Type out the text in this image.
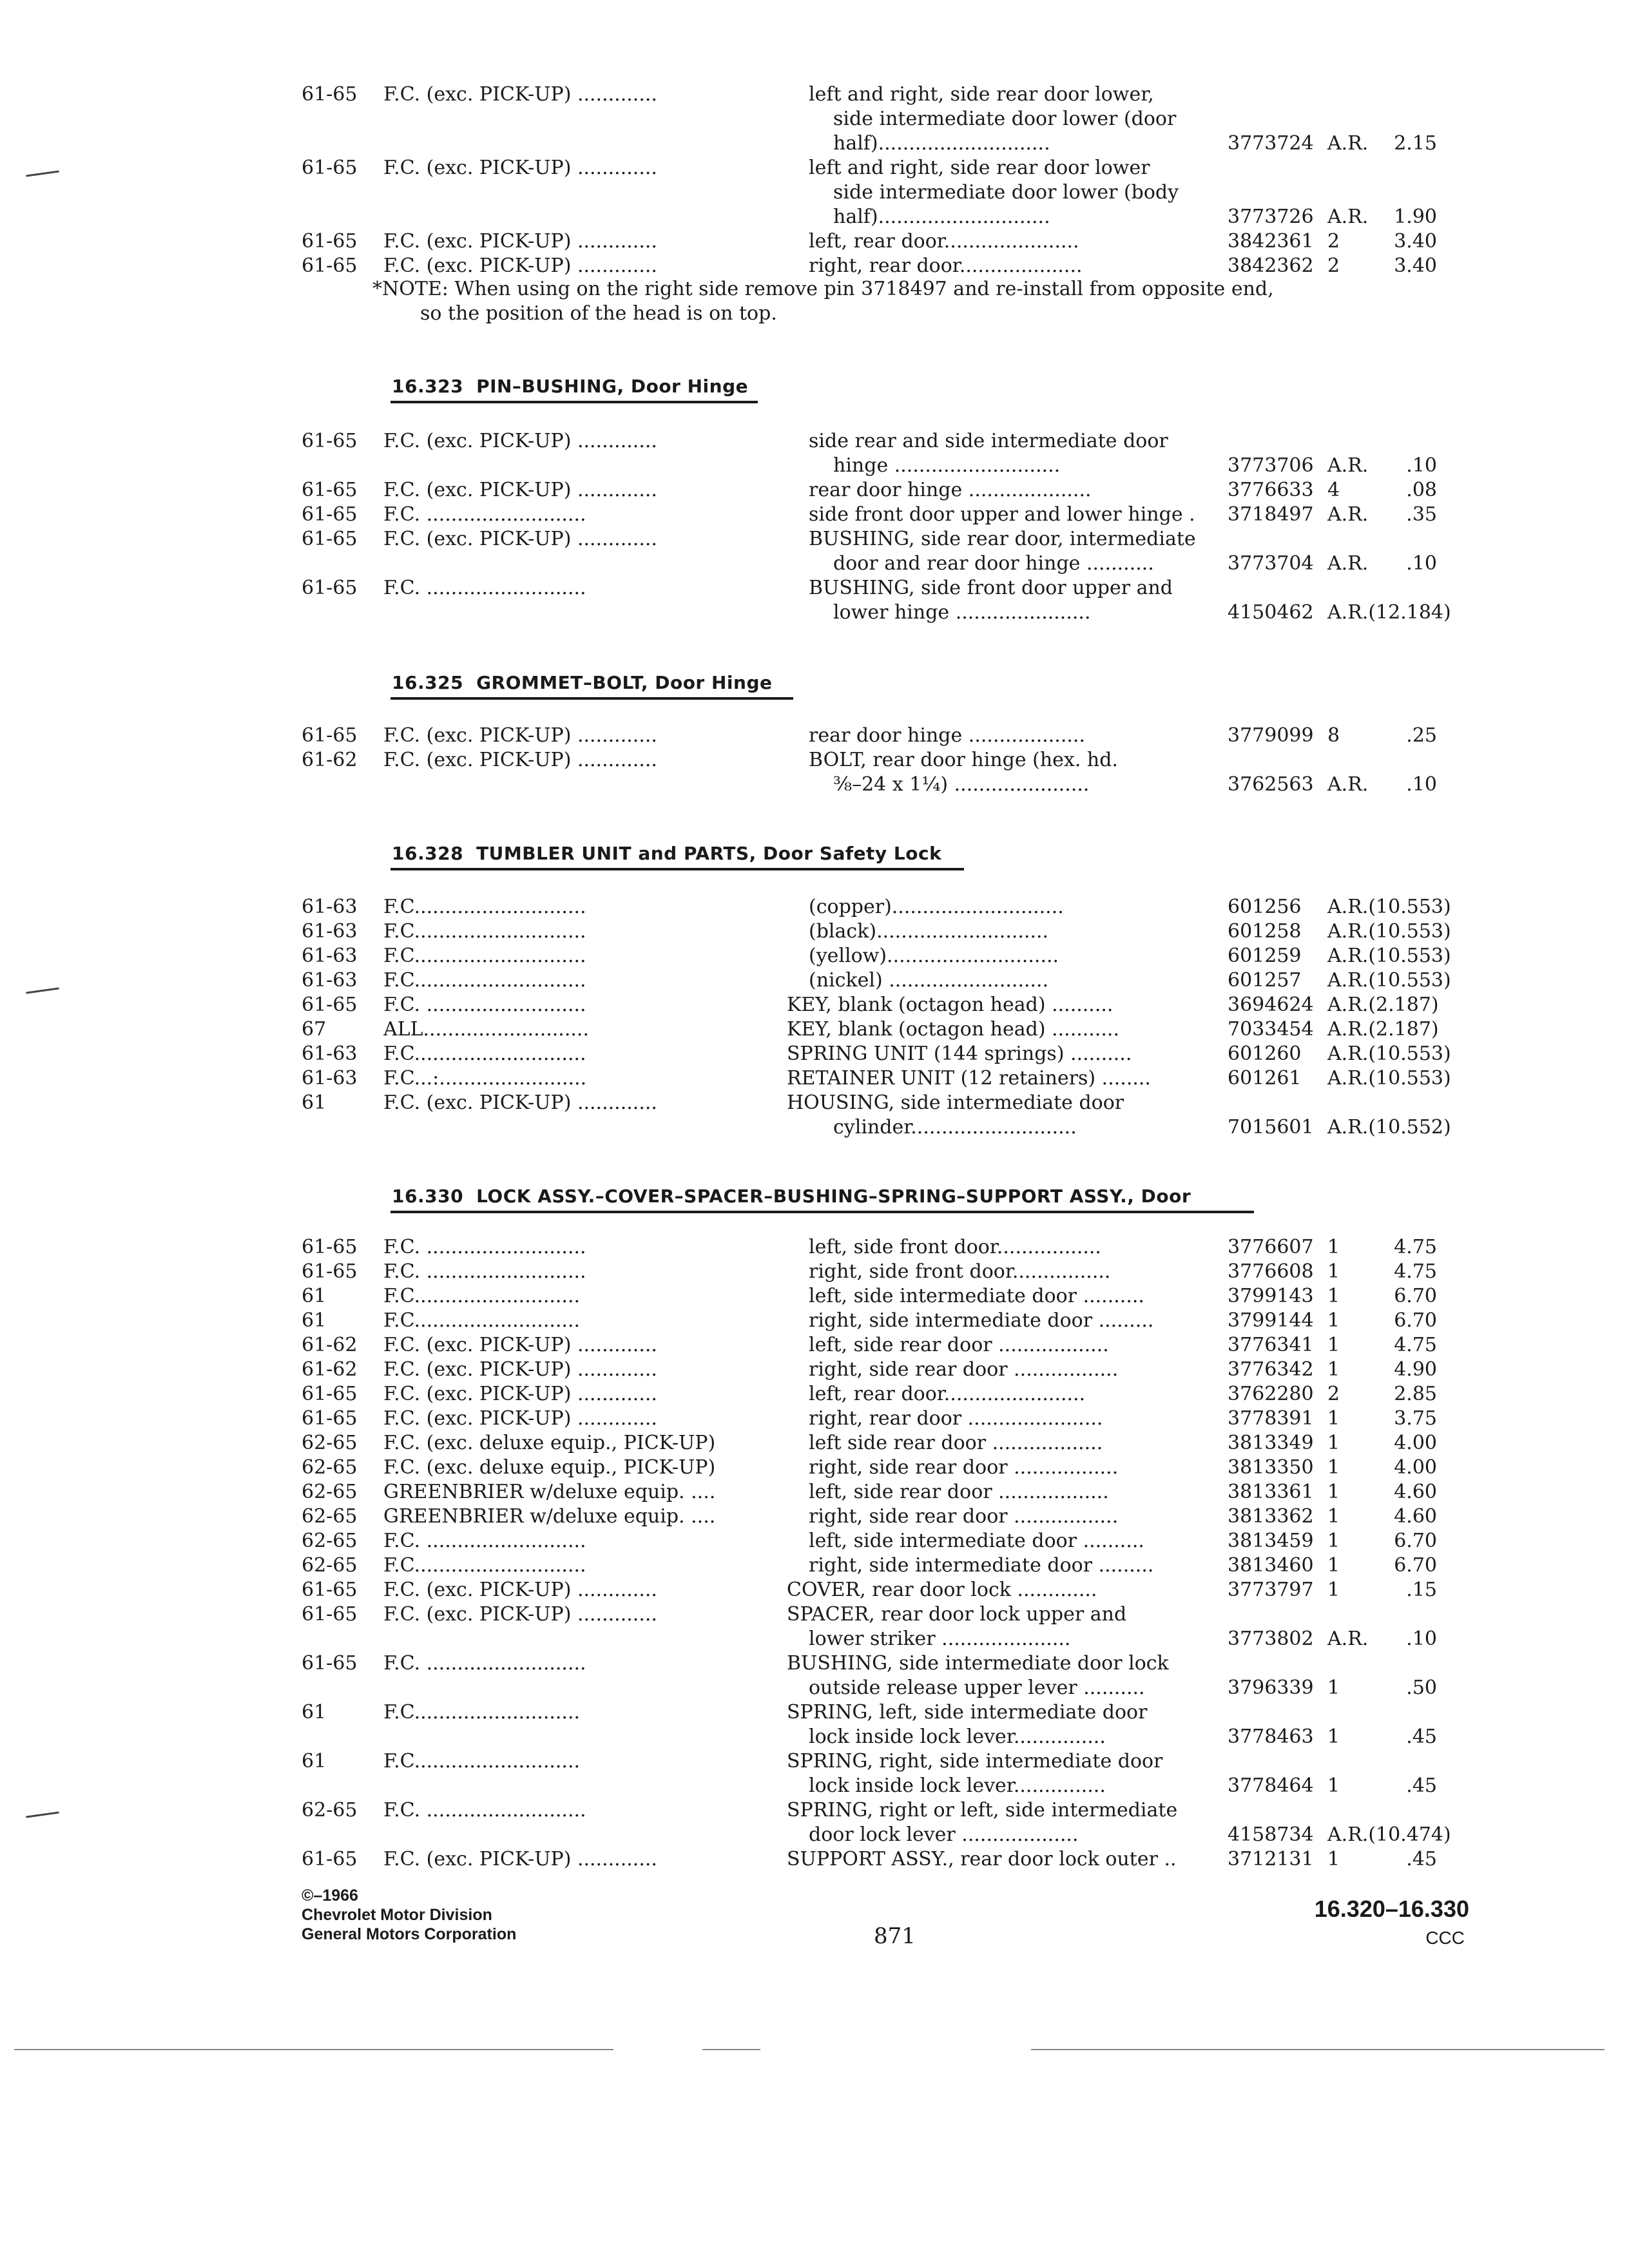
61-65 F.C. (exc. PICK-UP) .............	left and right, side rear door lower,
side intermediate door lower (door
half)............................	3773724 A.R. 2.15
61-65 F.C. (exc. PICK-UP) .............	left and right, side rear door lower
side intermediate door lower (body
half)............................	3773726 A.R. 1.90
61-65 F.C. (exc. PICK-UP) .............	left, rear door......................	3842361 2	3.40
61-65 F.C. (exc. PICK-UP) .............	right, rear door....................	3842362 2	3.40
*NOTE: When using on the right side remove pin 3718497 and re-install from opposite end,
so the position of the head is on top.
16.323 PIN–BUSHING, Door Hinge
16.325 GROMMET–BOLT, Door Hinge
16.328 TUMBLER UNIT and PARTS, Door Safety Lock
16.330 LOCK ASSY.–COVER–SPACER–BUSHING–SPRING–SUPPORT ASSY., Door
61-65 F.C. (exc. PICK-UP) .............	side rear and side intermediate door
hinge ...........................	3773706 A.R. .10
61-65 F.C. (exc. PICK-UP) .............	rear door hinge ....................	3776633 4	.08
61-65 F.C. ..........................	side front door upper and lower hinge .	3718497 A.R. .35
61-65 F.C. (exc. PICK-UP) .............	BUSHING, side rear door, intermediate
door and rear door hinge ...........	3773704 A.R. .10
61-65 F.C. ..........................	BUSHING, side front door upper and
lower hinge ......................	4150462 A.R.(12.184)
61-65 F.C. (exc. PICK-UP) .............	rear door hinge ...................	3779099 8	.25
61-62 F.C. (exc. PICK-UP) .............	BOLT, rear door hinge (hex. hd.
⅜–24 x 1¼) ......................	3762563 A.R. .10
61-63 F.C............................	(copper)............................	601256 A.R.(10.553)
61-63 F.C............................	(black)............................	601258 A.R.(10.553)
61-63 F.C............................	(yellow)............................	601259 A.R.(10.553)
61-63 F.C............................	(nickel) ..........................	601257 A.R.(10.553)
61-65 F.C. ..........................	KEY, blank (octagon head) ..........	3694624 A.R.(2.187)
67	ALL...........................	KEY, blank (octagon head) ...........	7033454 A.R.(2.187)
61-63 F.C............................	SPRING UNIT (144 springs) ..........	601260 A.R.(10.553)
61-63 F.C...:........................	RETAINER UNIT (12 retainers) ........	601261 A.R.(10.553)
61	F.C. (exc. PICK-UP) .............	HOUSING, side intermediate door
cylinder...........................	7015601 A.R.(10.552)
61-65 F.C. ..........................	left, side front door.................	3776607 1	4.75
61-65 F.C. ..........................	right, side front door................	3776608 1	4.75
61	F.C...........................	left, side intermediate door ..........	3799143 1	6.70
61	F.C...........................	right, side intermediate door .........	3799144 1	6.70
61-62 F.C. (exc. PICK-UP) .............	left, side rear door ..................	3776341 1	4.75
61-62 F.C. (exc. PICK-UP) .............	right, side rear door .................	3776342 1	4.90
61-65 F.C. (exc. PICK-UP) .............	left, rear door.......................	3762280 2	2.85
61-65 F.C. (exc. PICK-UP) .............	right, rear door ......................	3778391 1	3.75
62-65 F.C. (exc. deluxe equip., PICK-UP)	left side rear door ..................	3813349 1	4.00
62-65 F.C. (exc. deluxe equip., PICK-UP)	right, side rear door .................	3813350 1	4.00
62-65 GREENBRIER w/deluxe equip. ....	left, side rear door ..................	3813361 1	4.60
62-65 GREENBRIER w/deluxe equip. ....	right, side rear door .................	3813362 1	4.60
62-65 F.C. ..........................	left, side intermediate door ..........	3813459 1	6.70
62-65 F.C............................	right, side intermediate door .........	3813460 1	6.70
61-65 F.C. (exc. PICK-UP) .............	COVER, rear door lock .............	3773797 1	.15
61-65 F.C. (exc. PICK-UP) .............	SPACER, rear door lock upper and
lower striker .....................	3773802 A.R. .10
61-65 F.C. ..........................	BUSHING, side intermediate door lock
outside release upper lever ..........	3796339 1	.50
61	F.C...........................	SPRING, left, side intermediate door
lock inside lock lever...............	3778463 1	.45
61	F.C...........................	SPRING, right, side intermediate door
lock inside lock lever...............	3778464 1	.45
62-65 F.C. ..........................	SPRING, right or left, side intermediate
door lock lever ...................	4158734 A.R.(10.474)
61-65 F.C. (exc. PICK-UP) .............	SUPPORT ASSY., rear door lock outer ..	3712131 1	.45
©–1966
Chevrolet Motor Division
General Motors Corporation	871
16.320–16.330
CCC
